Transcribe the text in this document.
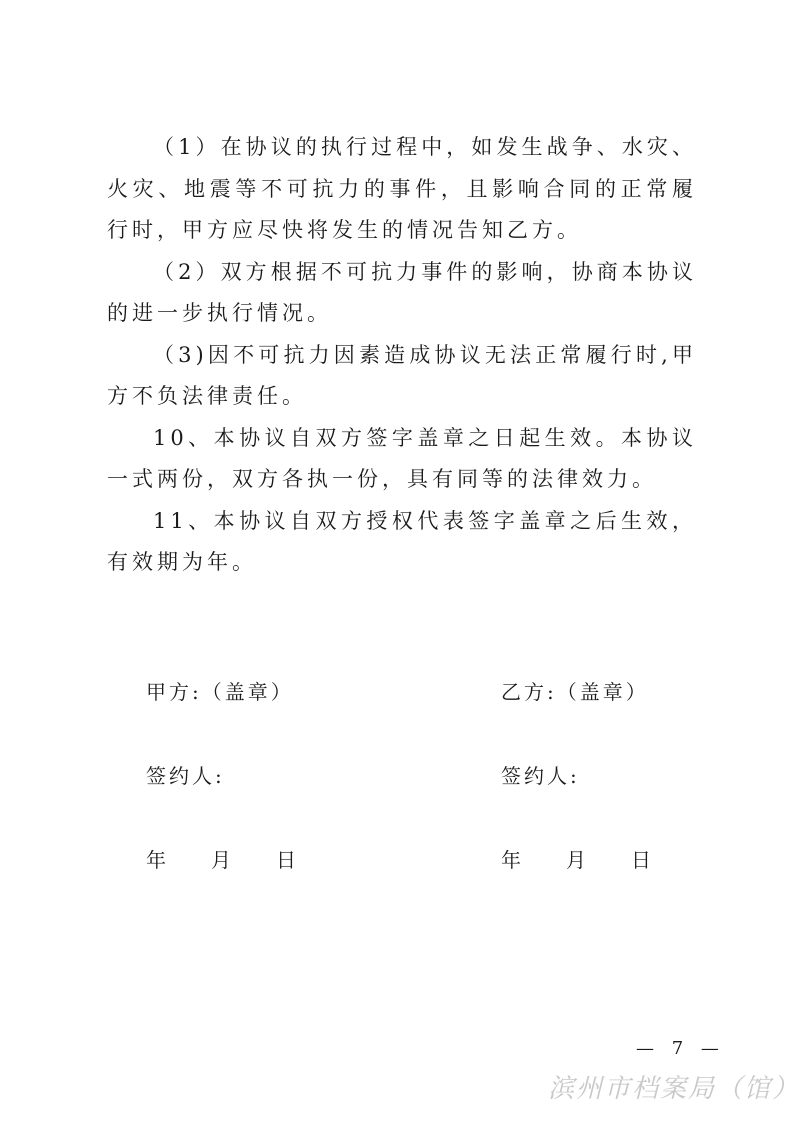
（1）在协议的执行过程中，如发生战争、水灾、火灾、地震等不可抗力的事件，且影响合同的正常履行时，甲方应尽快将发生的情况告知乙方。

（2）双方根据不可抗力事件的影响，协商本协议的进一步执行情况。

（3)因不可抗力因素造成协议无法正常履行时,甲方不负法律责任。

10、本协议自双方签字盖章之日起生效。本协议一式两份，双方各执一份，具有同等的法律效力。

11、本协议自双方授权代表签字盖章之后生效，有效期为年。

甲方:（盖章）
签约人:
年 月 日
乙方:（盖章）
签约人:
年 月 日
— 7 —
滨州市档案局（馆）
